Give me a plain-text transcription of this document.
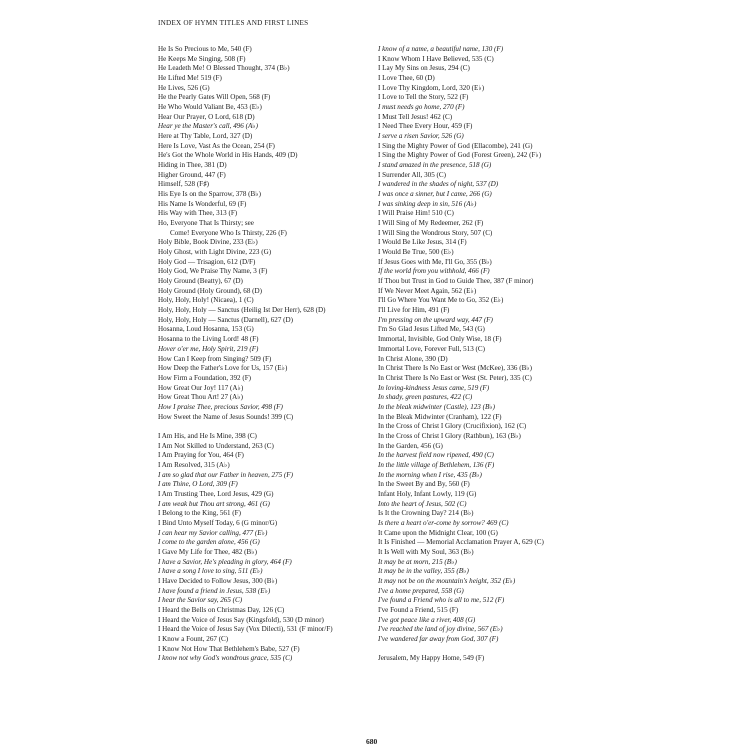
INDEX OF HYMN TITLES AND FIRST LINES
He Is So Precious to Me, 540 (F)
He Keeps Me Singing, 508 (F)
He Leadeth Me! O Blessed Thought, 374 (B♭)
He Lifted Me! 519 (F)
He Lives, 526 (G)
He the Pearly Gates Will Open, 568 (F)
He Who Would Valiant Be, 453 (E♭)
Hear Our Prayer, O Lord, 618 (D)
Hear ye the Master's call, 496 (A♭)
Here at Thy Table, Lord, 327 (D)
Here Is Love, Vast As the Ocean, 254 (F)
He's Got the Whole World in His Hands, 409 (D)
Hiding in Thee, 381 (D)
Higher Ground, 447 (F)
Himself, 528 (F♯)
His Eye Is on the Sparrow, 378 (B♭)
His Name Is Wonderful, 69 (F)
His Way with Thee, 313 (F)
Ho, Everyone That Is Thirsty; see
Come! Everyone Who Is Thirsty, 226 (F)
Holy Bible, Book Divine, 233 (E♭)
Holy Ghost, with Light Divine, 223 (G)
Holy God — Trisagion, 612 (D/F)
Holy God, We Praise Thy Name, 3 (F)
Holy Ground (Beatty), 67 (D)
Holy Ground (Holy Ground), 68 (D)
Holy, Holy, Holy! (Nicaea), 1 (C)
Holy, Holy, Holy — Sanctus (Heilig Ist Der Herr), 628 (D)
Holy, Holy, Holy — Sanctus (Darnell), 627 (D)
Hosanna, Loud Hosanna, 153 (G)
Hosanna to the Living Lord! 48 (F)
Hover o'er me, Holy Spirit, 219 (F)
How Can I Keep from Singing? 509 (F)
How Deep the Father's Love for Us, 157 (E♭)
How Firm a Foundation, 392 (F)
How Great Our Joy! 117 (A♭)
How Great Thou Art! 27 (A♭)
How I praise Thee, precious Savior, 498 (F)
How Sweet the Name of Jesus Sounds! 399 (C)
I Am His, and He Is Mine, 398 (C)
I Am Not Skilled to Understand, 263 (C)
I Am Praying for You, 464 (F)
I Am Resolved, 315 (A♭)
I am so glad that our Father in heaven, 275 (F)
I am Thine, O Lord, 309 (F)
I Am Trusting Thee, Lord Jesus, 429 (G)
I am weak but Thou art strong, 461 (G)
I Belong to the King, 561 (F)
I Bind Unto Myself Today, 6 (G minor/G)
I can hear my Savior calling, 477 (E♭)
I come to the garden alone, 456 (G)
I Gave My Life for Thee, 482 (B♭)
I have a Savior, He's pleading in glory, 464 (F)
I have a song I love to sing, 511 (E♭)
I Have Decided to Follow Jesus, 300 (B♭)
I have found a friend in Jesus, 538 (E♭)
I hear the Savior say, 265 (C)
I Heard the Bells on Christmas Day, 126 (C)
I Heard the Voice of Jesus Say (Kingsfold), 530 (D minor)
I Heard the Voice of Jesus Say (Vox Dilecti), 531 (F minor/F)
I Know a Fount, 267 (C)
I Know Not How That Bethlehem's Babe, 527 (F)
I know not why God's wondrous grace, 535 (C)
I know of a name, a beautiful name, 130 (F)
I Know Whom I Have Believed, 535 (C)
I Lay My Sins on Jesus, 294 (C)
I Love Thee, 60 (D)
I Love Thy Kingdom, Lord, 320 (E♭)
I Love to Tell the Story, 522 (F)
I must needs go home, 270 (F)
I Must Tell Jesus! 462 (C)
I Need Thee Every Hour, 459 (F)
I serve a risen Savior, 526 (G)
I Sing the Mighty Power of God (Ellacombe), 241 (G)
I Sing the Mighty Power of God (Forest Green), 242 (F♭)
I stand amazed in the presence, 518 (G)
I Surrender All, 305 (C)
I wandered in the shades of night, 537 (D)
I was once a sinner, but I came, 266 (G)
I was sinking deep in sin, 516 (A♭)
I Will Praise Him! 510 (C)
I Will Sing of My Redeemer, 262 (F)
I Will Sing the Wondrous Story, 507 (C)
I Would Be Like Jesus, 314 (F)
I Would Be True, 500 (E♭)
If Jesus Goes with Me, I'll Go, 355 (B♭)
If the world from you withhold, 466 (F)
If Thou but Trust in God to Guide Thee, 387 (F minor)
If We Never Meet Again, 562 (E♭)
I'll Go Where You Want Me to Go, 352 (E♭)
I'll Live for Him, 491 (F)
I'm pressing on the upward way, 447 (F)
I'm So Glad Jesus Lifted Me, 543 (G)
Immortal, Invisible, God Only Wise, 18 (F)
Immortal Love, Forever Full, 513 (C)
In Christ Alone, 390 (D)
In Christ There Is No East or West (McKee), 336 (B♭)
In Christ There Is No East or West (St. Peter), 335 (C)
In loving-kindness Jesus came, 519 (F)
In shady, green pastures, 422 (C)
In the bleak midwinter (Castle), 123 (B♭)
In the Bleak Midwinter (Cranham), 122 (F)
In the Cross of Christ I Glory (Crucifixion), 162 (C)
In the Cross of Christ I Glory (Rathbun), 163 (B♭)
In the Garden, 456 (G)
In the harvest field now ripened, 490 (C)
In the little village of Bethlehem, 136 (F)
In the morning when I rise, 435 (B♭)
In the Sweet By and By, 560 (F)
Infant Holy, Infant Lowly, 119 (G)
Into the heart of Jesus, 502 (C)
Is It the Crowning Day? 214 (B♭)
Is there a heart o'er-come by sorrow? 469 (C)
It Came upon the Midnight Clear, 100 (G)
It Is Finished — Memorial Acclamation Prayer A, 629 (C)
It Is Well with My Soul, 363 (B♭)
It may be at morn, 215 (B♭)
It may be in the valley, 355 (B♭)
It may not be on the mountain's height, 352 (E♭)
I've a home prepared, 558 (G)
I've found a Friend who is all to me, 512 (F)
I've Found a Friend, 515 (F)
I've got peace like a river, 408 (G)
I've reached the land of joy divine, 567 (E♭)
I've wandered far away from God, 307 (F)
Jerusalem, My Happy Home, 549 (F)
680
